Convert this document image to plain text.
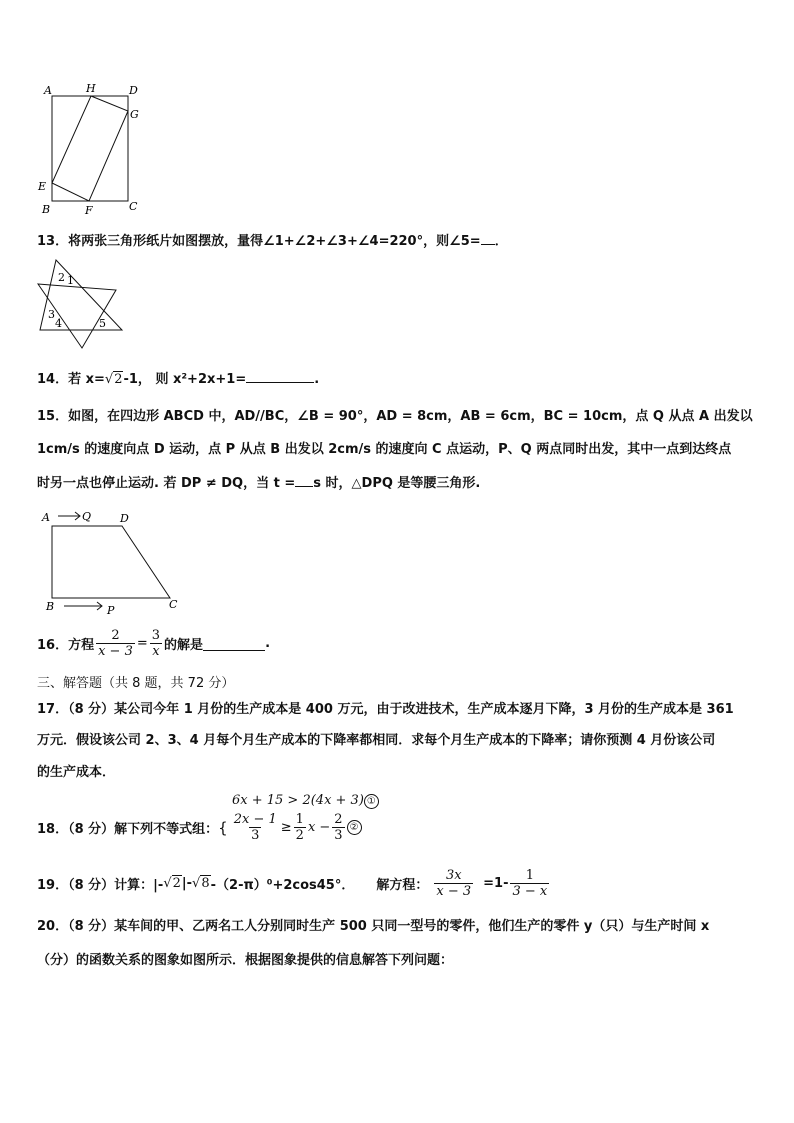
A	H	D
G
E
B	F	C
13．将两张三角形纸片如图摆放，量得∠1+∠2+∠3+∠4=220°，则∠5= ．
2 1
3
4	5
14．若 x=√2-1， 则 x²+2x+1=	.
15．如图，在四边形 ABCD 中，AD//BC，∠B = 90°，AD = 8cm，AB = 6cm，BC = 10cm，点 Q 从点 A 出发以
1cm/s 的速度向点 D 运动，点 P 从点 B 出发以 2cm/s 的速度向 C 点运动，P、Q 两点同时出发，其中一点到达终点
时另一点也停止运动. 若 DP ≠ DQ，当 t = s 时，△DPQ 是等腰三角形.
A	Q	D
B	P	C
16．方程 $\frac{2}{x - 3} = \frac{3}{x}$ 的解是	.
三、解答题（共 8 题，共 72 分）
17．（8 分）某公司今年 1 月份的生产成本是 400 万元，由于改进技术，生产成本逐月下降，3 月份的生产成本是 361
万元．假设该公司 2、3、4 月每个月生产成本的下降率都相同．求每个月生产成本的下降率；请你预测 4 月份该公司
的生产成本．
6x + 15 > 2(4x + 3) ①
18．（8 分）解下列不等式组： { $\frac{2x - 1}{3} \ge \frac{1}{2}$ $x - \frac{2}{3}$ ②
19．（8 分）计算：|- √2 |- √8 -（2-π）⁰+2cos45°． 解方程： $\frac{3x}{x - 3} =1- \frac{1}{3 - x}$
20．（8 分）某车间的甲、乙两名工人分别同时生产 500 只同一型号的零件，他们生产的零件 y（只）与生产时间 x
（分）的函数关系的图象如图所示．根据图象提供的信息解答下列问题：
